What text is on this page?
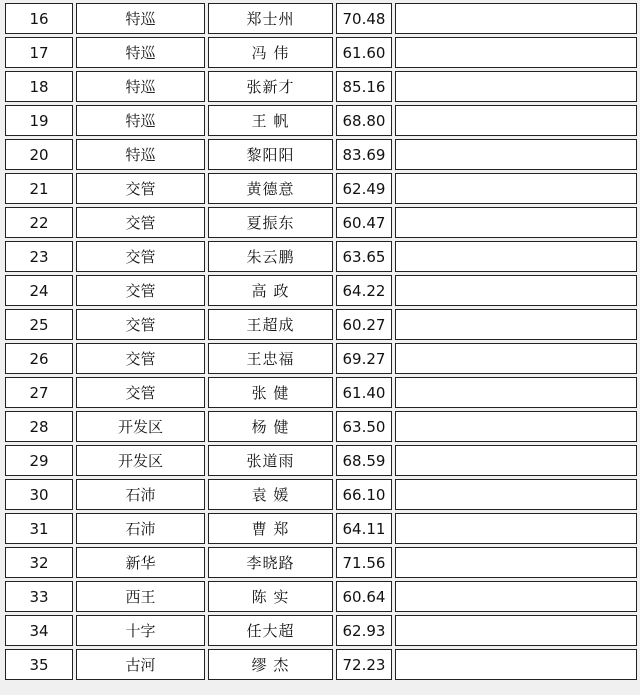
16	特巡	郑士州	70.48	
17	特巡	冯 伟	61.60	
18	特巡	张新才	85.16	
19	特巡	王 帆	68.80	
20	特巡	黎阳阳	83.69	
21	交管	黄德意	62.49	
22	交管	夏振东	60.47	
23	交管	朱云鹏	63.65	
24	交管	高 政	64.22	
25	交管	王超成	60.27	
26	交管	王忠福	69.27	
27	交管	张 健	61.40	
28	开发区	杨 健	63.50	
29	开发区	张道雨	68.59	
30	石沛	袁 媛	66.10	
31	石沛	曹 郑	64.11	
32	新华	李晓路	71.56	
33	西王	陈 实	60.64	
34	十字	任大超	62.93	
35	古河	缪 杰	72.23	
